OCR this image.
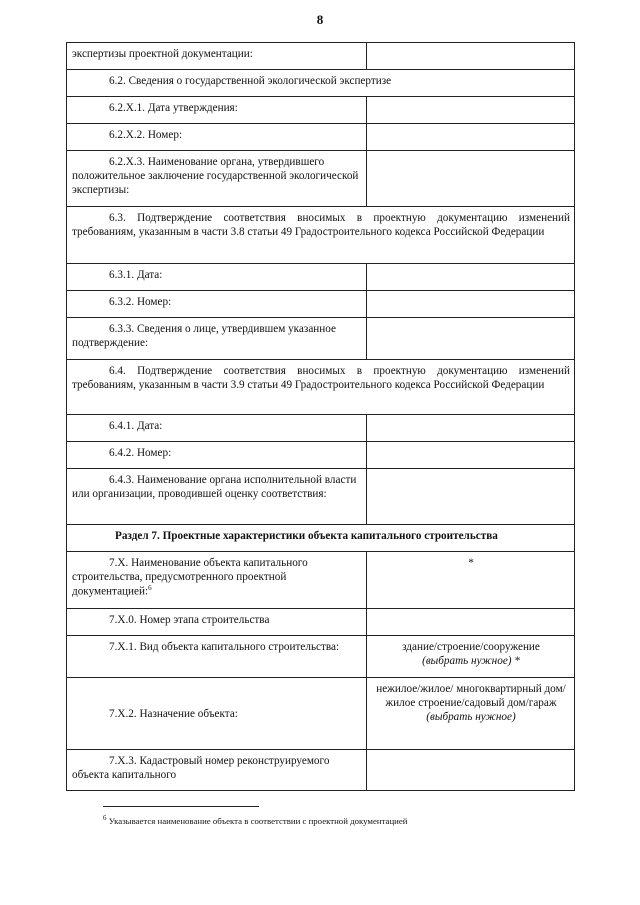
8
экспертизы проектной документации:	
6.2. Сведения о государственной экологической экспертизе	
6.2.Х.1. Дата утверждения:	
6.2.Х.2. Номер:	
6.2.Х.3. Наименование органа, утвердившего положительное заключение государственной экологической экспертизы:	
6.3. Подтверждение соответствия вносимых в проектную документацию изменений требованиям, указанным в части 3.8 статьи 49 Градостроительного кодекса Российской Федерации	
6.3.1. Дата:	
6.3.2. Номер:	
6.3.3. Сведения о лице, утвердившем указанное подтверждение:	
6.4. Подтверждение соответствия вносимых в проектную документацию изменений требованиям, указанным в части 3.9 статьи 49 Градостроительного кодекса Российской Федерации	
6.4.1. Дата:	
6.4.2. Номер:	
6.4.3. Наименование органа исполнительной власти или организации, проводившей оценку соответствия:	
Раздел 7. Проектные характеристики объекта капитального строительства	
7.Х. Наименование объекта капитального строительства, предусмотренного проектной документацией:$^6$	*
7.Х.0. Номер этапа строительства	
7.Х.1. Вид объекта капитального строительства:	здание/строение/сооружение
(выбрать нужное) *

7.Х.2. Назначение объекта:	нежилое/жилое/ многоквартирный дом/жилое строение/садовый дом/гараж
(выбрать нужное)

7.Х.3. Кадастровый номер реконструируемого объекта капитального	
$^6$ Указывается наименование объекта в соответствии с проектной документацией
